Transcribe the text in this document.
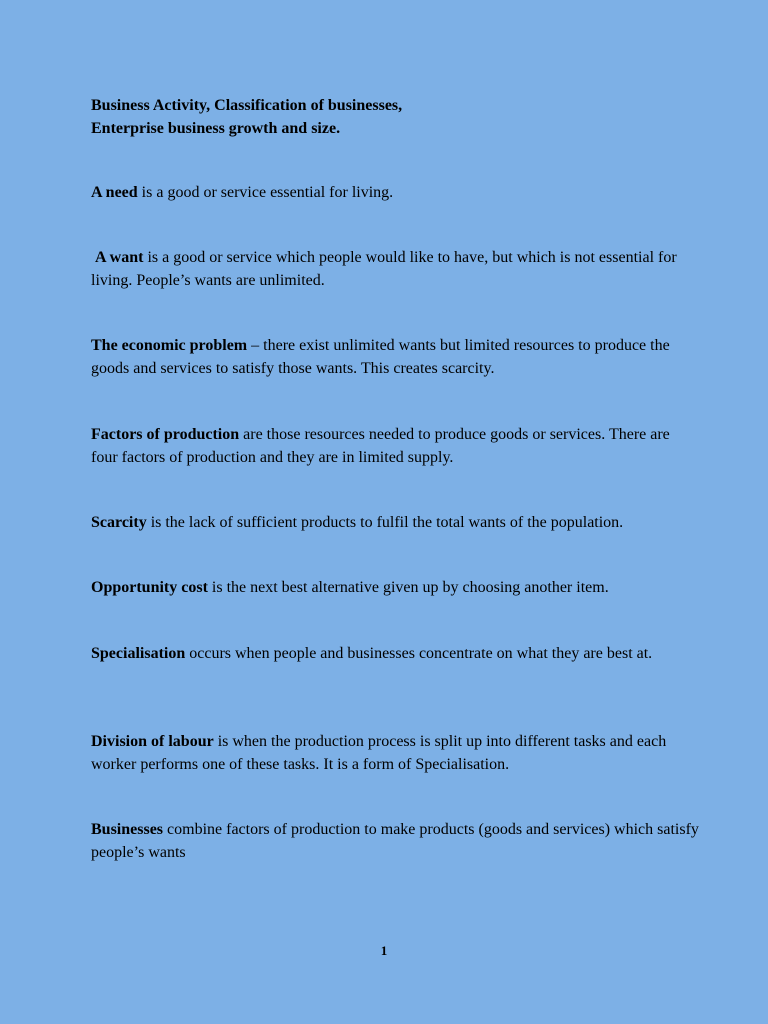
Business Activity, Classification of businesses,
Enterprise business growth and size.

A need is a good or service essential for living.

A want is a good or service which people would like to have, but which is not essential for living. People’s wants are unlimited.

The economic problem – there exist unlimited wants but limited resources to produce the goods and services to satisfy those wants. This creates scarcity.

Factors of production are those resources needed to produce goods or services. There are four factors of production and they are in limited supply.

Scarcity is the lack of sufficient products to fulfil the total wants of the population.

Opportunity cost is the next best alternative given up by choosing another item.

Specialisation occurs when people and businesses concentrate on what they are best at.

Division of labour is when the production process is split up into different tasks and each worker performs one of these tasks. It is a form of Specialisation.

Businesses combine factors of production to make products (goods and services) which satisfy people’s wants

1
